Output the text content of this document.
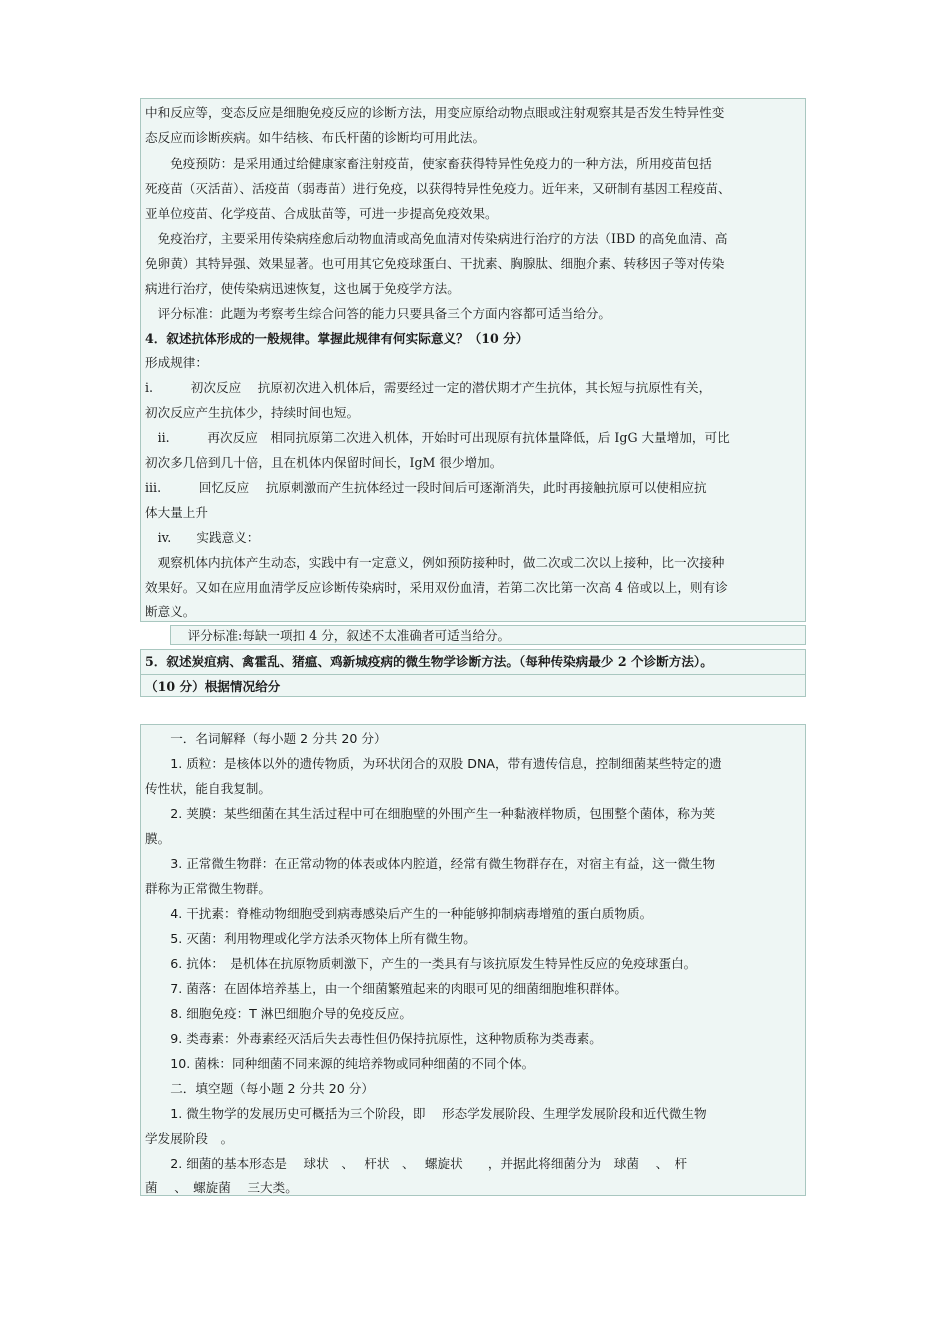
中和反应等，变态反应是细胞免疫反应的诊断方法，用变应原给动物点眼或注射观察其是否发生特异性变
态反应而诊断疾病。如牛结核、布氏杆菌的诊断均可用此法。
　　免疫预防：是采用通过给健康家畜注射疫苗，使家畜获得特异性免疫力的一种方法，所用疫苗包括
死疫苗（灭活苗）、活疫苗（弱毒苗）进行免疫，以获得特异性免疫力。近年来，又研制有基因工程疫苗、
亚单位疫苗、化学疫苗、合成肽苗等，可进一步提高免疫效果。
　免疫治疗，主要采用传染病痊愈后动物血清或高免血清对传染病进行治疗的方法（IBD 的高免血清、高
免卵黄）其特异强、效果显著。也可用其它免疫球蛋白、干扰素、胸腺肽、细胞介素、转移因子等对传染
病进行治疗，使传染病迅速恢复，这也属于免疫学方法。
　评分标准：此题为考察考生综合问答的能力只要具备三个方面内容都可适当给分。
4．叙述抗体形成的一般规律。掌握此规律有何实际意义？（10 分）
形成规律：
i.　　　初次反应　 抗原初次进入机体后，需要经过一定的潜伏期才产生抗体，其长短与抗原性有关，
初次反应产生抗体少，持续时间也短。
　ii.　　　再次反应　相同抗原第二次进入机体，开始时可出现原有抗体量降低，后 IgG 大量增加，可比
初次多几倍到几十倍，且在机体内保留时间长，IgM 很少增加。
iii.　　　回忆反应　 抗原刺激而产生抗体经过一段时间后可逐渐消失，此时再接触抗原可以使相应抗
体大量上升
　iv.　　实践意义：
　观察机体内抗体产生动态，实践中有一定意义，例如预防接种时，做二次或二次以上接种，比一次接种
效果好。又如在应用血清学反应诊断传染病时，采用双份血清，若第二次比第一次高 4 倍或以上，则有诊
断意义。
　评分标准:每缺一项扣 4 分，叙述不太准确者可适当给分。
5．叙述炭疽病、禽霍乱、猪瘟、鸡新城疫病的微生物学诊断方法。（每种传染病最少 2 个诊断方法）。
（10 分）根据情况给分
　　一．名词解释（每小题 2 分共 20 分）
　　1. 质粒：是核体以外的遗传物质，为环状闭合的双股 DNA，带有遗传信息，控制细菌某些特定的遗
传性状，能自我复制。
　　2. 荚膜：某些细菌在其生活过程中可在细胞壁的外围产生一种黏液样物质，包围整个菌体，称为荚
膜。
　　3. 正常微生物群：在正常动物的体表或体内腔道，经常有微生物群存在，对宿主有益，这一微生物
群称为正常微生物群。
　　4. 干扰素：脊椎动物细胞受到病毒感染后产生的一种能够抑制病毒增殖的蛋白质物质。
　　5. 灭菌：利用物理或化学方法杀灭物体上所有微生物。
　　6. 抗体：　是机体在抗原物质刺激下，产生的一类具有与该抗原发生特异性反应的免疫球蛋白。
　　7. 菌落：在固体培养基上，由一个细菌繁殖起来的肉眼可见的细菌细胞堆积群体。
　　8. 细胞免疫：T 淋巴细胞介导的免疫反应。
　　9. 类毒素：外毒素经灭活后失去毒性但仍保持抗原性，这种物质称为类毒素。
　　10. 菌株：同种细菌不同来源的纯培养物或同种细菌的不同个体。
　　二．填空题（每小题 2 分共 20 分）
　　1. 微生物学的发展历史可概括为三个阶段，即　 形态学发展阶段、生理学发展阶段和近代微生物
学发展阶段　。
　　2. 细菌的基本形态是　 球状　、　 杆状　、　 螺旋状　　，并据此将细菌分为　球菌　 、　杆
菌　 、　螺旋菌　 三大类。
